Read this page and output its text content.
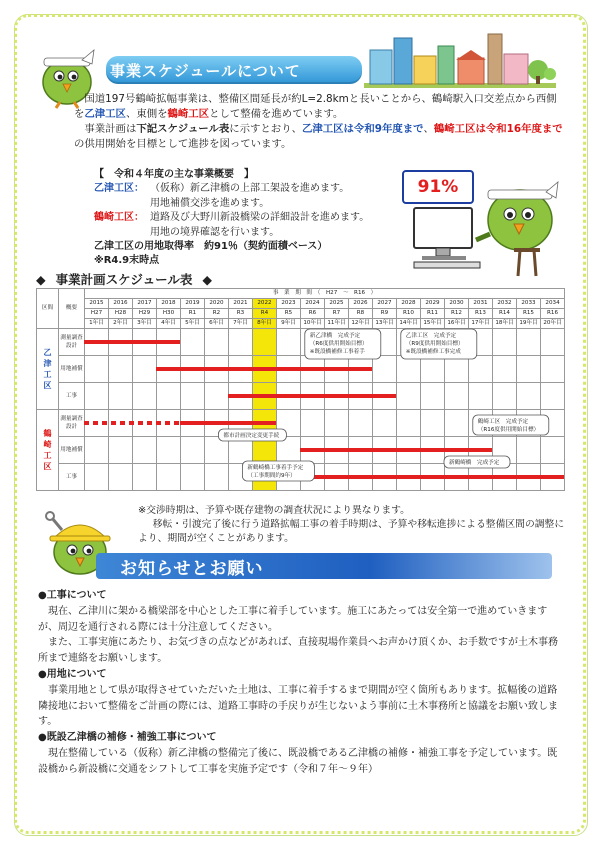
事業スケジュールについて

国道197号鶴崎拡幅事業は、整備区間延長が約L=2.8kmと長いことから、鶴崎駅入口交差点から西側を乙津工区、東側を鶴崎工区として整備を進めています。

事業計画は下記スケジュール表に示すとおり、乙津工区は令和9年度まで、鶴崎工区は令和16年度までの供用開始を目標として進捗を図っています。

【　令和４年度の主な事業概要　】
乙津工区： （仮称）新乙津橋の上部工架設を進めます。
用地補償交渉を進めます。
鶴崎工区： 道路及び大野川新設橋梁の詳細設計を進めます。
用地の境界確認を行います。
乙津工区の用地取得率　約91％（契約面積ベース）
※R4.9末時点
91%
◆ 事業計画スケジュール表 ◆
区間	概要	事　業　期　間　（　H27　～　R16　）																			
		2015	2016	2017	2018	2019	2020	2021	2022	2023	2024	2025	2026	2027	2028	2029	2030	2031	2032	2033	2034
		H27	H28	H29	H30	R1	R2	R3	R4	R5	R6	R7	R8	R9	R10	R11	R12	R13	R14	R15	R16
		1年目	2年目	3年目	4年目	5年目	6年目	7年目	8年目	9年目	10年目	11年目	12年目	13年目	14年目	15年目	16年目	17年目	18年目	19年目	20年目
乙
津
工
区	測量調査設計																				
	用地補償																				
	工事																				
鶴
崎
工
区	測量調査設計																				
	用地補償																				
	工事																				
新乙津橋　完成予定
（R6度供用開始目標）
※既設橋補修工事着手
乙津工区　完成予定
（R9度供用開始目標）
※既設橋補修工事完成
都市計画決定変更手続
新鶴崎橋工事着手予定
（工事期間約9年）
鶴崎工区　完成予定
（R16度供用開始目標）
新鶴崎橋　完成予定

※交渉時期は、予算や既存建物の調査状況により異なります。

移転・引渡完了後に行う道路拡幅工事の着手時期は、予算や移転進捗による整備区間の調整により、期間が空くことがあります。

お知らせとお願い
●工事について

現在、乙津川に架かる橋梁部を中心とした工事に着手しています。施工にあたっては安全第一で進めていきますが、周辺を通行される際には十分注意してください。

また、工事実施にあたり、お気づきの点などがあれば、直接現場作業員へお声かけ頂くか、お手数ですが土木事務所まで連絡をお願いします。

●用地について

事業用地として県が取得させていただいた土地は、工事に着手するまで期間が空く箇所もあります。拡幅後の道路隣接地において整備をご計画の際には、道路工事時の手戻りが生じないよう事前に土木事務所と協議をお願い致します。

●既設乙津橋の補修・補強工事について

現在整備している（仮称）新乙津橋の整備完了後に、既設橋である乙津橋の補修・補強工事を予定しています。既設橋から新設橋に交通をシフトして工事を実施予定です（令和７年～９年）
